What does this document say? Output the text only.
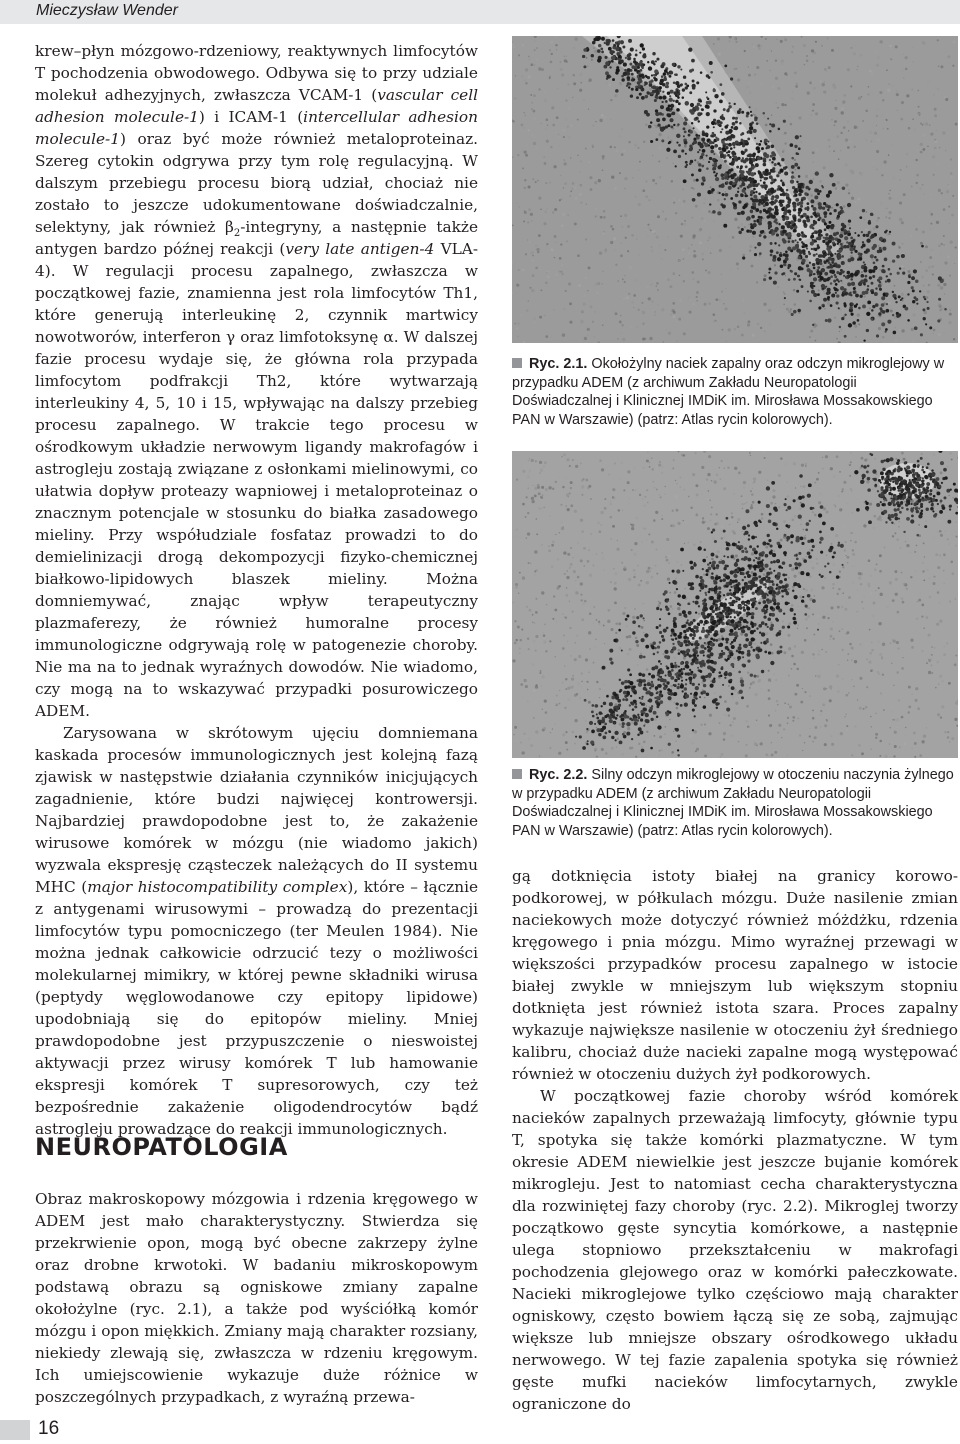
Mieczysław Wender

krew–płyn mózgowo-rdzeniowy, reaktywnych limfocytów T pochodzenia obwodowego. Odbywa się to przy udziale molekuł adhezyjnych, zwłaszcza VCAM-1 (vascular cell adhesion molecule-1) i ICAM-1 (intercellular adhesion molecule-1) oraz być może również metaloproteinaz. Szereg cytokin odgrywa przy tym rolę regulacyjną. W dalszym przebiegu procesu biorą udział, chociaż nie zostało to jeszcze udokumentowane doświadczalnie, selektyny, jak również $\beta_2$-integryny, a następnie także antygen bardzo późnej reakcji (very late antigen-4 VLA-4). W regulacji procesu zapalnego, zwłaszcza w początkowej fazie, znamienna jest rola limfocytów Th1, które generują interleukinę 2, czynnik martwicy nowotworów, interferon γ oraz limfotoksynę α. W dalszej fazie procesu wydaje się, że główna rola przypada limfocytom podfrakcji Th2, które wytwarzają interleukiny 4, 5, 10 i 15, wpływając na dalszy przebieg procesu zapalnego. W trakcie tego procesu w ośrodkowym układzie nerwowym ligandy makrofagów i astrogleju zostają związane z osłonkami mielinowymi, co ułatwia dopływ proteazy wapniowej i metaloproteinaz o znacznym potencjale w stosunku do białka zasadowego mieliny. Przy współudziale fosfataz prowadzi to do demielinizacji drogą dekompozycji fizyko-chemicznej białkowo-lipidowych blaszek mieliny. Można domniemywać, znając wpływ terapeutyczny plazmaferezy, że również humoralne procesy immunologiczne odgrywają rolę w patogenezie choroby. Nie ma na to jednak wyraźnych dowodów. Nie wiadomo, czy mogą na to wskazywać przypadki posurowiczego ADEM.

Zarysowana w skrótowym ujęciu domniemana kaskada procesów immunologicznych jest kolejną fazą zjawisk w następstwie działania czynników inicjujących zagadnienie, które budzi najwięcej kontrowersji. Najbardziej prawdopodobne jest to, że zakażenie wirusowe komórek w mózgu (nie wiadomo jakich) wyzwala ekspresję cząsteczek należących do II systemu MHC (major histocompatibility complex), które – łącznie z antygenami wirusowymi – prowadzą do prezentacji limfocytów typu pomocniczego (ter Meulen 1984). Nie można jednak całkowicie odrzucić tezy o możliwości molekularnej mimikry, w której pewne składniki wirusa (peptydy węglowodanowe czy epitopy lipidowe) upodobniają się do epitopów mieliny. Mniej prawdopodobne jest przypuszczenie o nieswoistej aktywacji przez wirusy komórek T lub hamowanie ekspresji komórek T supresorowych, czy też bezpośrednie zakażenie oligodendrocytów bądź astrogleju prowadzące do reakcji immunologicznych.

NEUROPATOLOGIA

Obraz makroskopowy mózgowia i rdzenia kręgowego w ADEM jest mało charakterystyczny. Stwierdza się przekrwienie opon, mogą być obecne zakrzepy żylne oraz drobne krwotoki. W badaniu mikroskopowym podstawą obrazu są ogniskowe zmiany zapalne okołożylne (ryc. 2.1), a także pod wyściółką komór mózgu i opon miękkich. Zmiany mają charakter rozsiany, niekiedy zlewają się, zwłaszcza w rdzeniu kręgowym. Ich umiejscowienie wykazuje duże różnice w poszczególnych przypadkach, z wyraźną przewa-

Ryc. 2.1. Okołożylny naciek zapalny oraz odczyn mikroglejowy w przypadku ADEM (z archiwum Zakładu Neuropatologii Doświadczalnej i Klinicznej IMDiK im. Mirosława Mossakowskiego PAN w Warszawie) (patrz: Atlas rycin kolorowych).
Ryc. 2.2. Silny odczyn mikroglejowy w otoczeniu naczynia żylnego w przypadku ADEM (z archiwum Zakładu Neuropatologii Doświadczalnej i Klinicznej IMDiK im. Mirosława Mossakowskiego PAN w Warszawie) (patrz: Atlas rycin kolorowych).

gą dotknięcia istoty białej na granicy korowo-podkorowej, w półkulach mózgu. Duże nasilenie zmian naciekowych może dotyczyć również móżdżku, rdzenia kręgowego i pnia mózgu. Mimo wyraźnej przewagi w większości przypadków procesu zapalnego w istocie białej zwykle w mniejszym lub większym stopniu dotknięta jest również istota szara. Proces zapalny wykazuje największe nasilenie w otoczeniu żył średniego kalibru, chociaż duże nacieki zapalne mogą występować również w otoczeniu dużych żył podkorowych.

W początkowej fazie choroby wśród komórek nacieków zapalnych przeważają limfocyty, głównie typu T, spotyka się także komórki plazmatyczne. W tym okresie ADEM niewielkie jest jeszcze bujanie komórek mikrogleju. Jest to natomiast cecha charakterystyczna dla rozwiniętej fazy choroby (ryc. 2.2). Mikroglej tworzy początkowo gęste syncytia komórkowe, a następnie ulega stopniowo przekształceniu w makrofagi pochodzenia glejowego oraz w komórki pałeczkowate. Nacieki mikroglejowe tylko częściowo mają charakter ogniskowy, często bowiem łączą się ze sobą, zajmując większe lub mniejsze obszary ośrodkowego układu nerwowego. W tej fazie zapalenia spotyka się również gęste mufki nacieków limfocytarnych, zwykle ograniczone do

16
